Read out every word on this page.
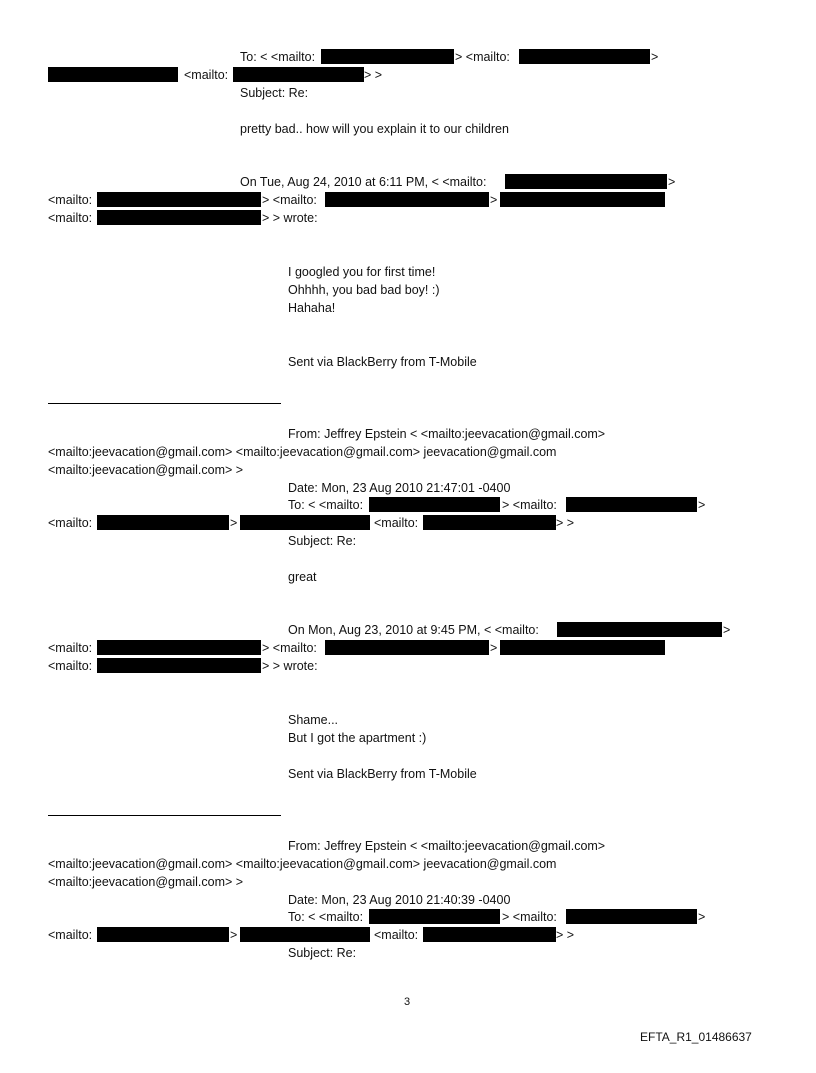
To: < <mailto:	> <mailto:	>
<mailto:	> >
Subject: Re:
pretty bad.. how will you explain it to our children
On Tue, Aug 24, 2010 at 6:11 PM, < <mailto:	>
<mailto:	> <mailto:	>
<mailto:	> > wrote:
I googled you for first time!
Ohhhh, you bad bad boy! :)
Hahaha!
Sent via BlackBerry from T-Mobile
From: Jeffrey Epstein < <mailto:jeevacation@gmail.com>
<mailto:jeevacation@gmail.com> <mailto:jeevacation@gmail.com> jeevacation@gmail.com
<mailto:jeevacation@gmail.com> >
Date: Mon, 23 Aug 2010 21:47:01 -0400
To: < <mailto:	> <mailto:	>
<mailto:	>	<mailto:	> >
Subject: Re:
great
On Mon, Aug 23, 2010 at 9:45 PM, < <mailto:	>
<mailto:	> <mailto:	>
<mailto:	> > wrote:
Shame...
But I got the apartment :)
Sent via BlackBerry from T-Mobile
From: Jeffrey Epstein < <mailto:jeevacation@gmail.com>
<mailto:jeevacation@gmail.com> <mailto:jeevacation@gmail.com> jeevacation@gmail.com
<mailto:jeevacation@gmail.com> >
Date: Mon, 23 Aug 2010 21:40:39 -0400
To: < <mailto:	> <mailto:	>
<mailto:	>	<mailto:	> >
Subject: Re:
3
EFTA_R1_01486637
